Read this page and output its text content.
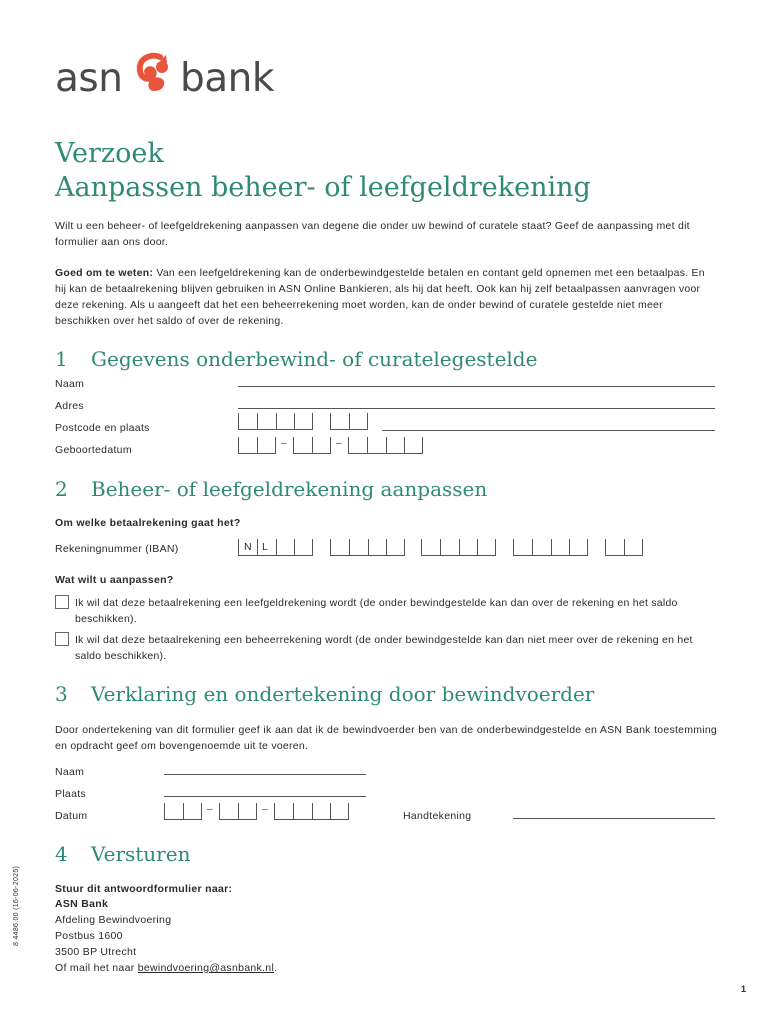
asn bank
Verzoek
Aanpassen beheer- of leefgeldrekening
Wilt u een beheer- of leefgeldrekening aanpassen van degene die onder uw bewind of curatele staat? Geef de aanpassing met dit formulier aan ons door.
Goed om te weten: Van een leefgeldrekening kan de onderbewindgestelde betalen en contant geld opnemen met een betaalpas. En hij kan de betaalrekening blijven gebruiken in ASN Online Bankieren, als hij dat heeft. Ook kan hij zelf betaalpassen aanvragen voor deze rekening. Als u aangeeft dat het een beheerrekening moet worden, kan de onder bewind of curatele gestelde niet meer beschikken over het saldo of over de rekening.
1 Gegevens onderbewind- of curatelegestelde
Naam
Adres
Postcode en plaats
Geboortedatum
–	–
2 Beheer- of leefgeldrekening aanpassen
Om welke betaalrekening gaat het?
Rekeningnummer (IBAN)	N L
Wat wilt u aanpassen?
Ik wil dat deze betaalrekening een leefgeldrekening wordt (de onder bewindgestelde kan dan over de rekening en het saldo beschikken).
Ik wil dat deze betaalrekening een beheerrekening wordt (de onder bewindgestelde kan dan niet meer over de rekening en het saldo beschikken).
3 Verklaring en ondertekening door bewindvoerder
Door ondertekening van dit formulier geef ik aan dat ik de bewindvoerder ben van de onderbewindgestelde en ASN Bank toestemming en opdracht geef om bovengenoemde uit te voeren.
Naam
Plaats
Datum
–	–
Handtekening
4 Versturen
Stuur dit antwoordformulier naar:
ASN Bank
Afdeling Bewindvoering
Postbus 1600
3500 BP Utrecht
Of mail het naar bewindvoering@asnbank.nl.
8 4486.00 (16-06-2025)
1
